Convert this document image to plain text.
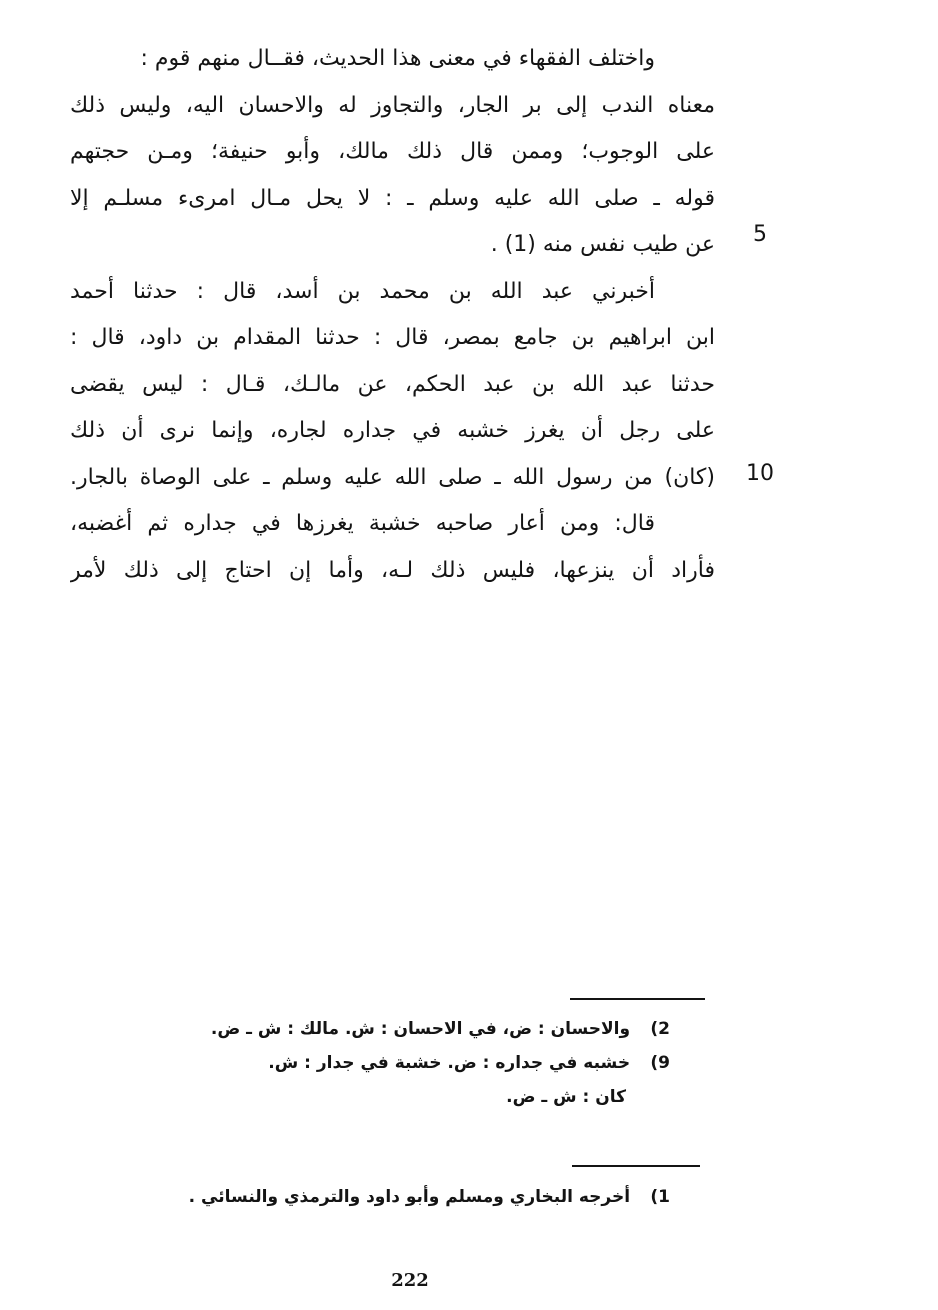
واختلف الفقهاء في معنى هذا الحديث، فقــال منهم قوم :
معناه الندب إلى بر الجار، والتجاوز له والاحسان اليه، وليس ذلك
على الوجوب؛ وممن قال ذلك مالك، وأبو حنيفة؛ ومـن حجتهم
قوله ـ صلى الله عليه وسلم ـ : لا يحل مـال امرىء مسلـم إلا
عن طيب نفس منه (1) .
أخبرني عبد الله بن محمد بن أسد، قال : حدثنا أحمد
ابن ابراهيم بن جامع بمصر، قال : حدثنا المقدام بن داود، قال :
حدثنا عبد الله بن عبد الحكم، عن مالـك، قـال : ليس يقضى
على رجل أن يغرز خشبه في جداره لجاره، وإنما نرى أن ذلك
(كان) من رسول الله ـ صلى الله عليه وسلم ـ على الوصاة بالجار.
قال: ومن أعار صاحبه خشبة يغرزها في جداره ثم أغضبه،
فأراد أن ينزعها، فليس ذلك لـه، وأما إن احتاج إلى ذلك لأمر
5
10
2) والاحسان : ض، في الاحسان : ش. مالك : ش ـ ض.
9) خشبه في جداره : ض. خشبة في جدار : ش.
كان : ش ـ ض.
1) أخرجه البخاري ومسلم وأبو داود والترمذي والنسائي .
222
